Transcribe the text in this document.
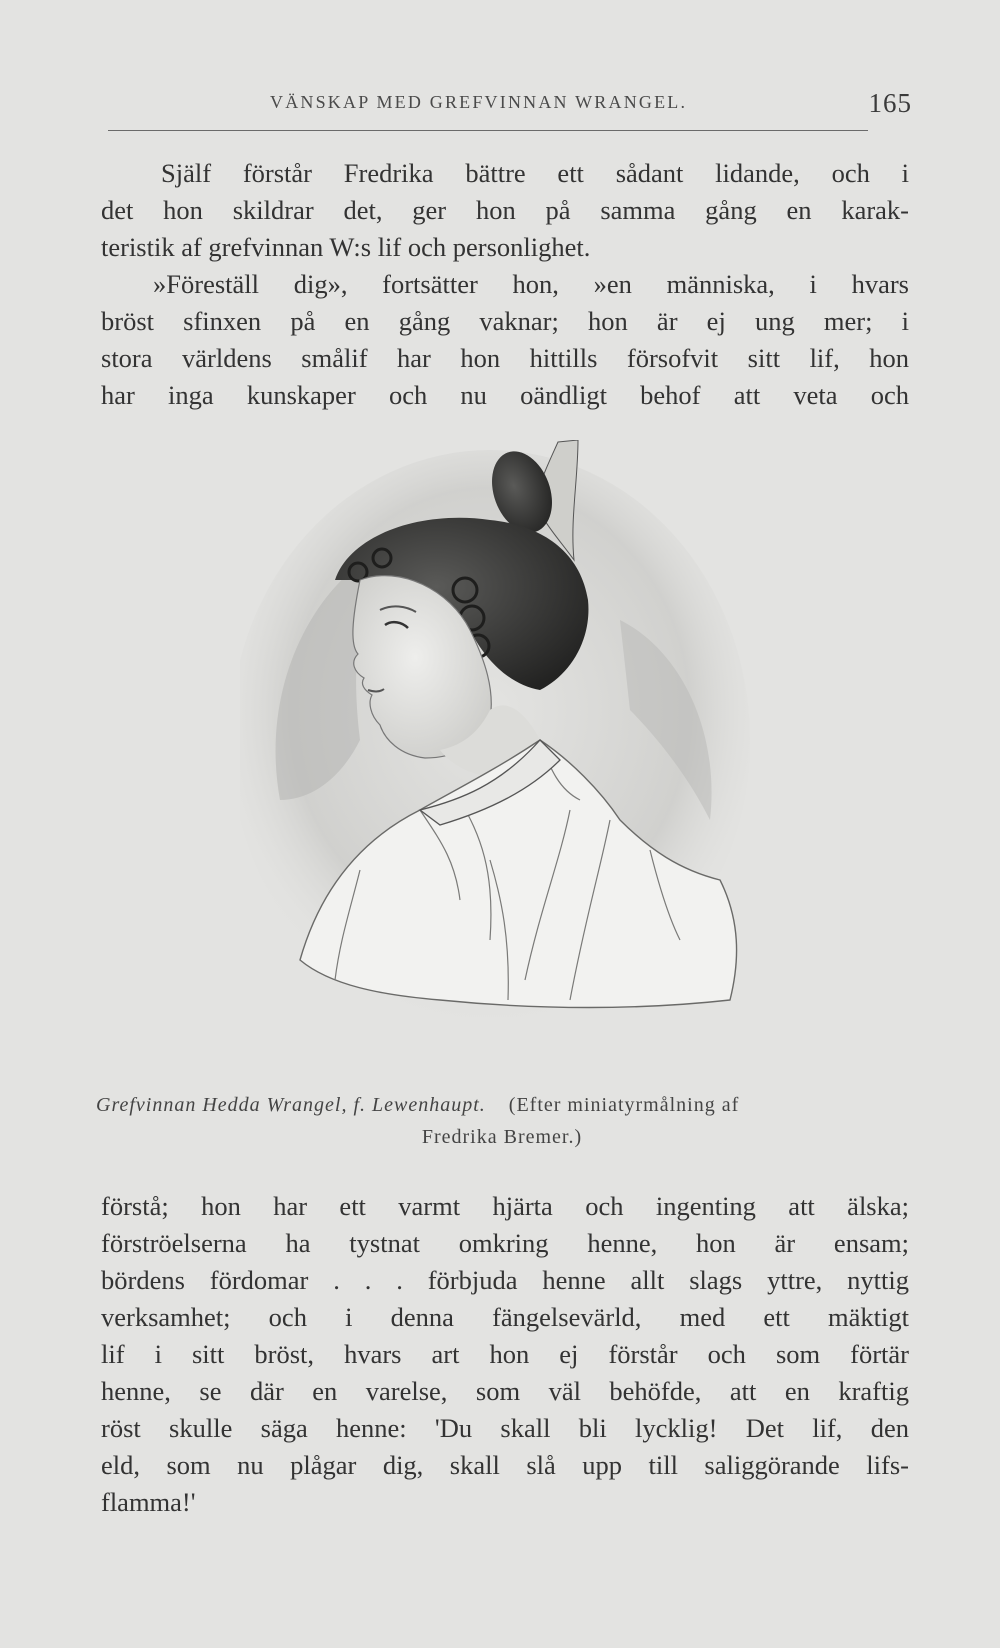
VÄNSKAP MED GREFVINNAN WRANGEL.	165
Själf förstår Fredrika bättre ett sådant lidande, och i
det hon skildrar det, ger hon på samma gång en karak-
teristik af grefvinnan W:s lif och personlighet.
»Föreställ dig», fortsätter hon, »en människa, i hvars
bröst sfinxen på en gång vaknar; hon är ej ung mer; i
stora världens smålif har hon hittills försofvit sitt lif, hon
har inga kunskaper och nu oändligt behof att veta och
Grefvinnan Hedda Wrangel, f. Lewenhaupt. (Efter miniatyrmålning af
Fredrika Bremer.)
förstå; hon har ett varmt hjärta och ingenting att älska;
förströelserna ha tystnat omkring henne, hon är ensam;
bördens fördomar . . . förbjuda henne allt slags yttre, nyttig
verksamhet; och i denna fängelsevärld, med ett mäktigt
lif i sitt bröst, hvars art hon ej förstår och som förtär
henne, se där en varelse, som väl behöfde, att en kraftig
röst skulle säga henne: 'Du skall bli lycklig! Det lif, den
eld, som nu plågar dig, skall slå upp till saliggörande lifs-
flamma!'
